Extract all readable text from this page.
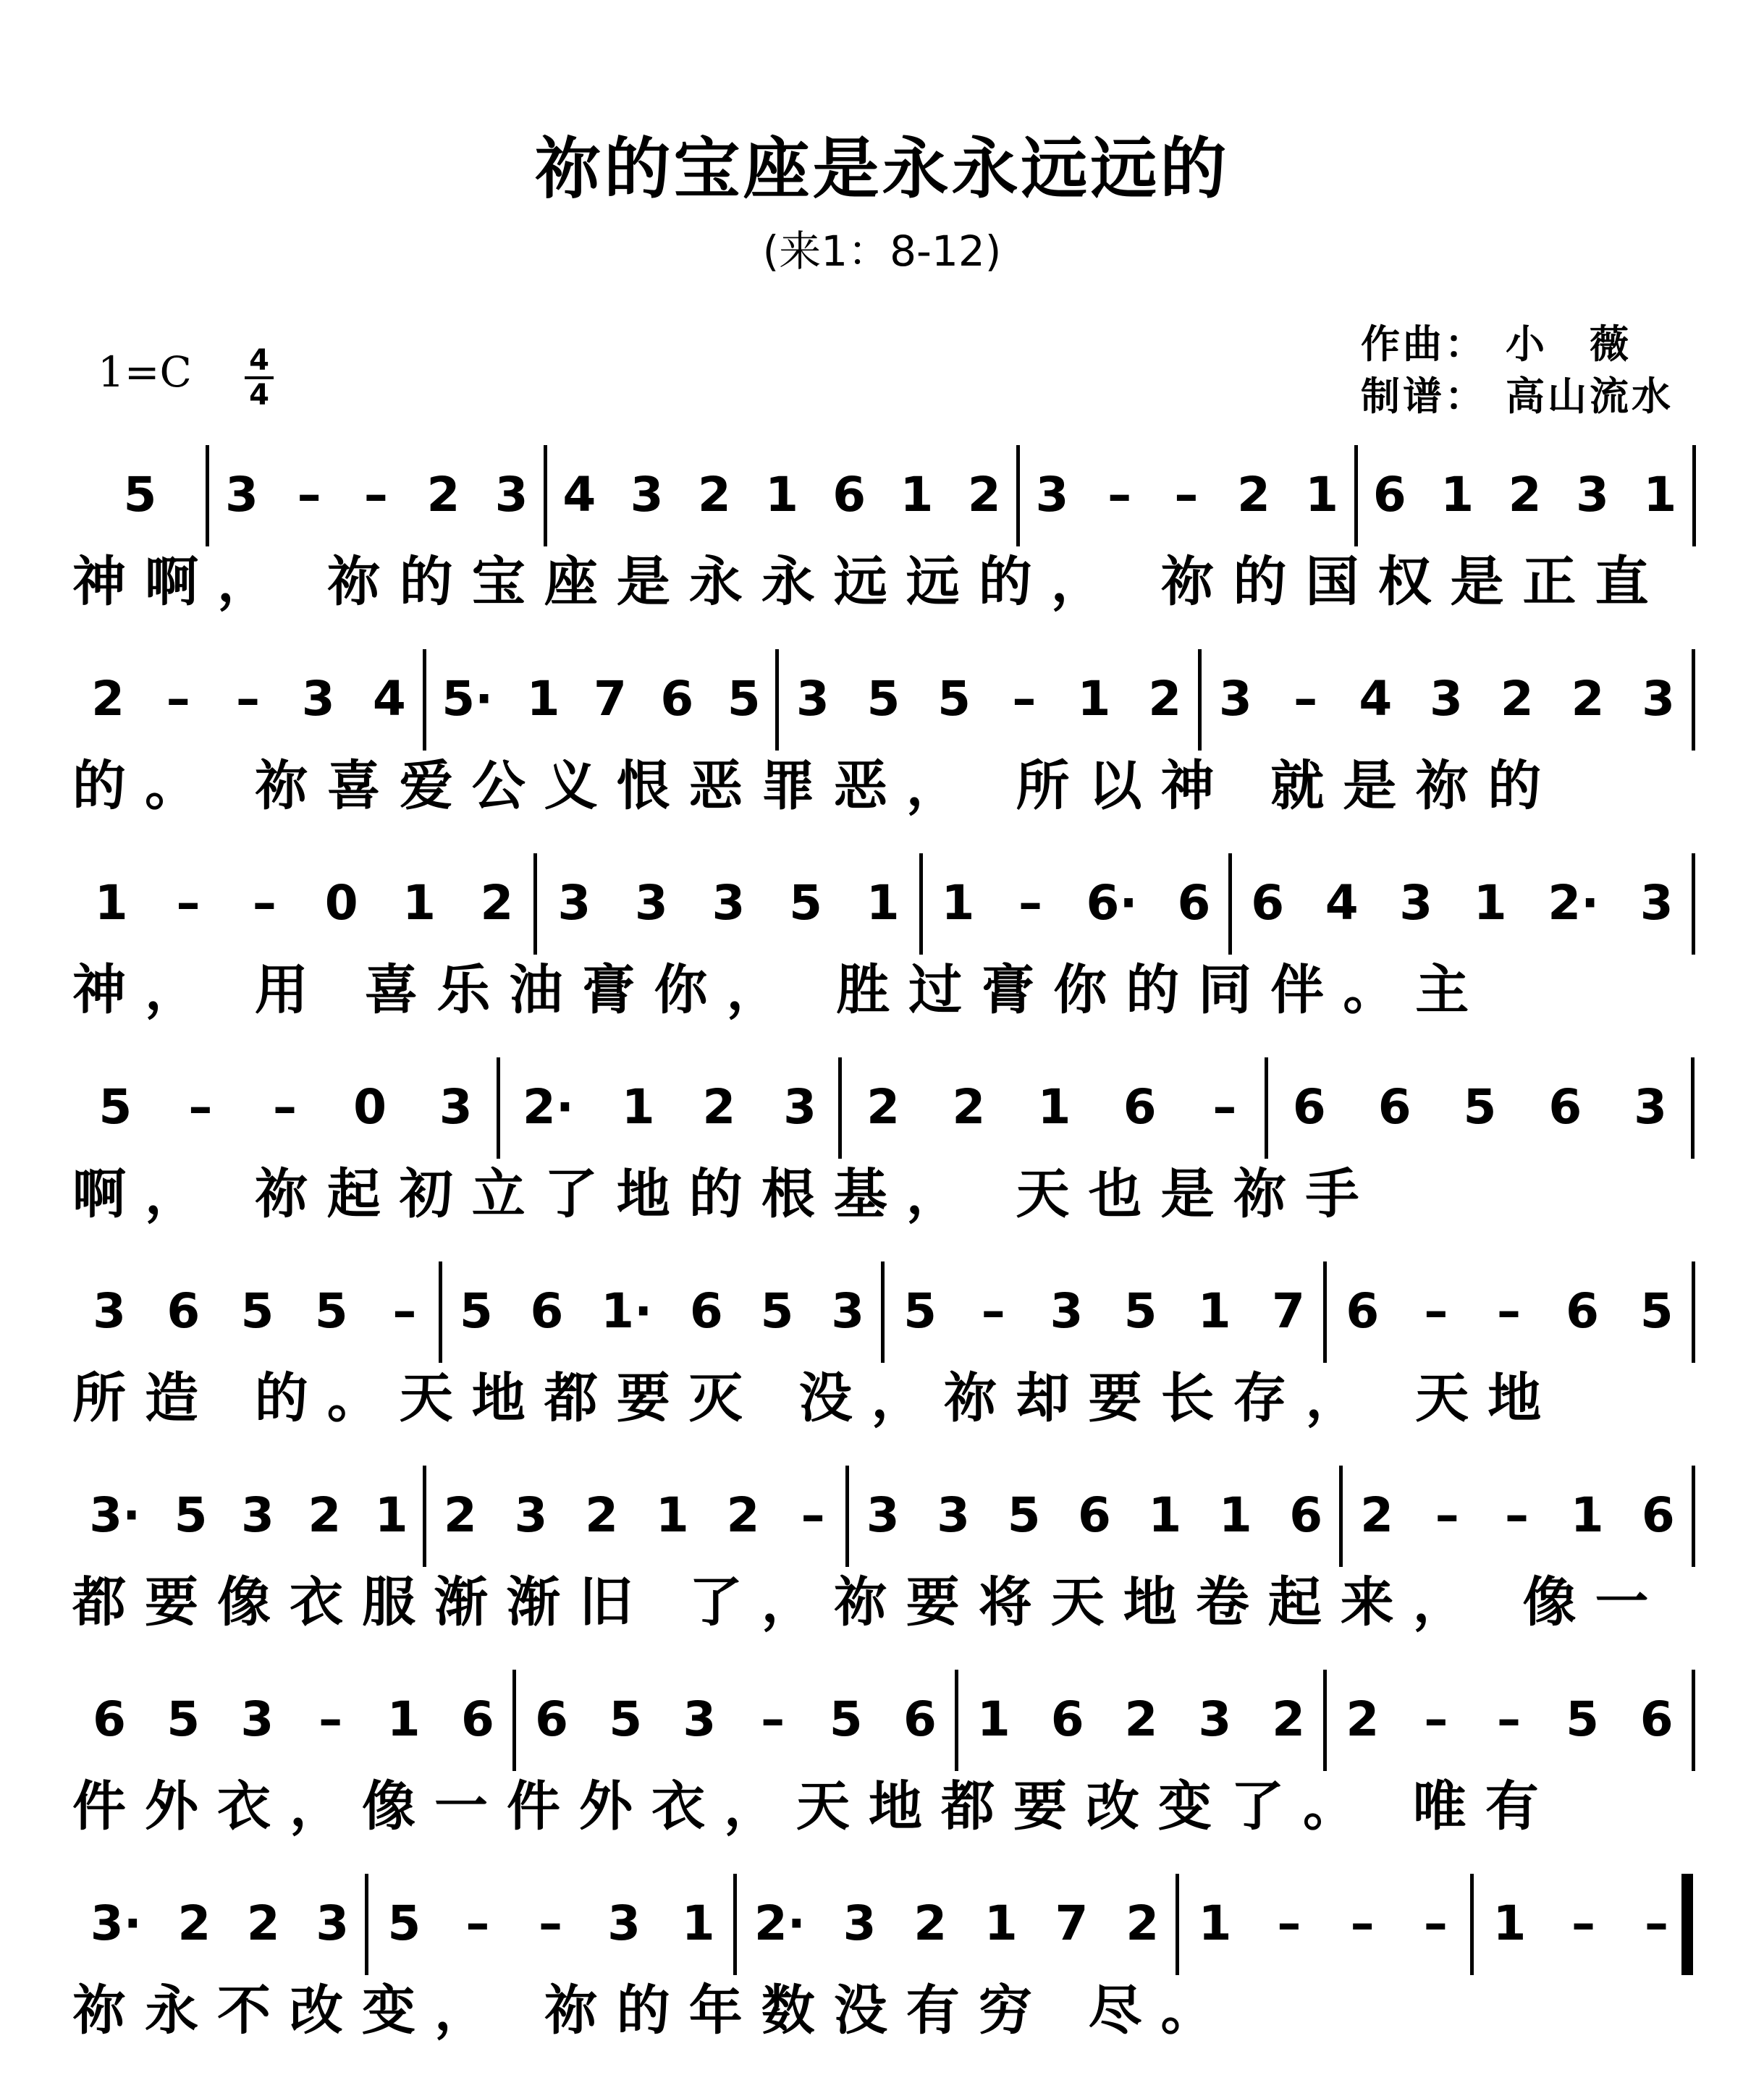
祢的宝座是永永远远的
(来1：8-12)
1=C 4
4
作曲： 小　薇
制谱： 高山流水
5 3 – – 2 3 4 3 2 1 6 1 2 3 – – 2 1 6 1 2 3 1
神啊， 祢的宝座是永永远远的， 祢的国权是正直
2 – – 3 4 5· 1 7 6 5 3 5 5 – 1 2 3 – 4 3 2 2 3
的。 祢喜爱公义恨恶罪恶， 所以神 就是祢的
1 – – 0 1 2 3 3 3 5 1 1 – 6· 6 6 4 3 1 2· 3
神， 用 喜乐油膏你， 胜过膏你的同伴。主
5 – – 0 3 2· 1 2 3 2 2 1 6 – 6 6 5 6 3
啊， 祢起初立了地的根基， 天也是祢手
3 6 5 5 – 5 6 1· 6 5 3 5 – 3 5 1 7 6 – – 6 5
所造 的。天地都要灭 没，祢却要长存， 天地
3· 5 3 2 1 2 3 2 1 2 – 3 3 5 6 1 1 6 2 – – 1 6
都要像衣服渐渐旧 了，祢要将天地卷起来， 像一
6 5 3 – 1 6 6 5 3 – 5 6 1 6 2 3 2 2 – – 5 6
件外衣，像一件外衣，天地都要改变了。 唯有
3· 2 2 3 5 – – 3 1 2· 3 2 1 7 2 1 – – – 1 – –
祢永不改变， 祢的年数没有穷 尽。
